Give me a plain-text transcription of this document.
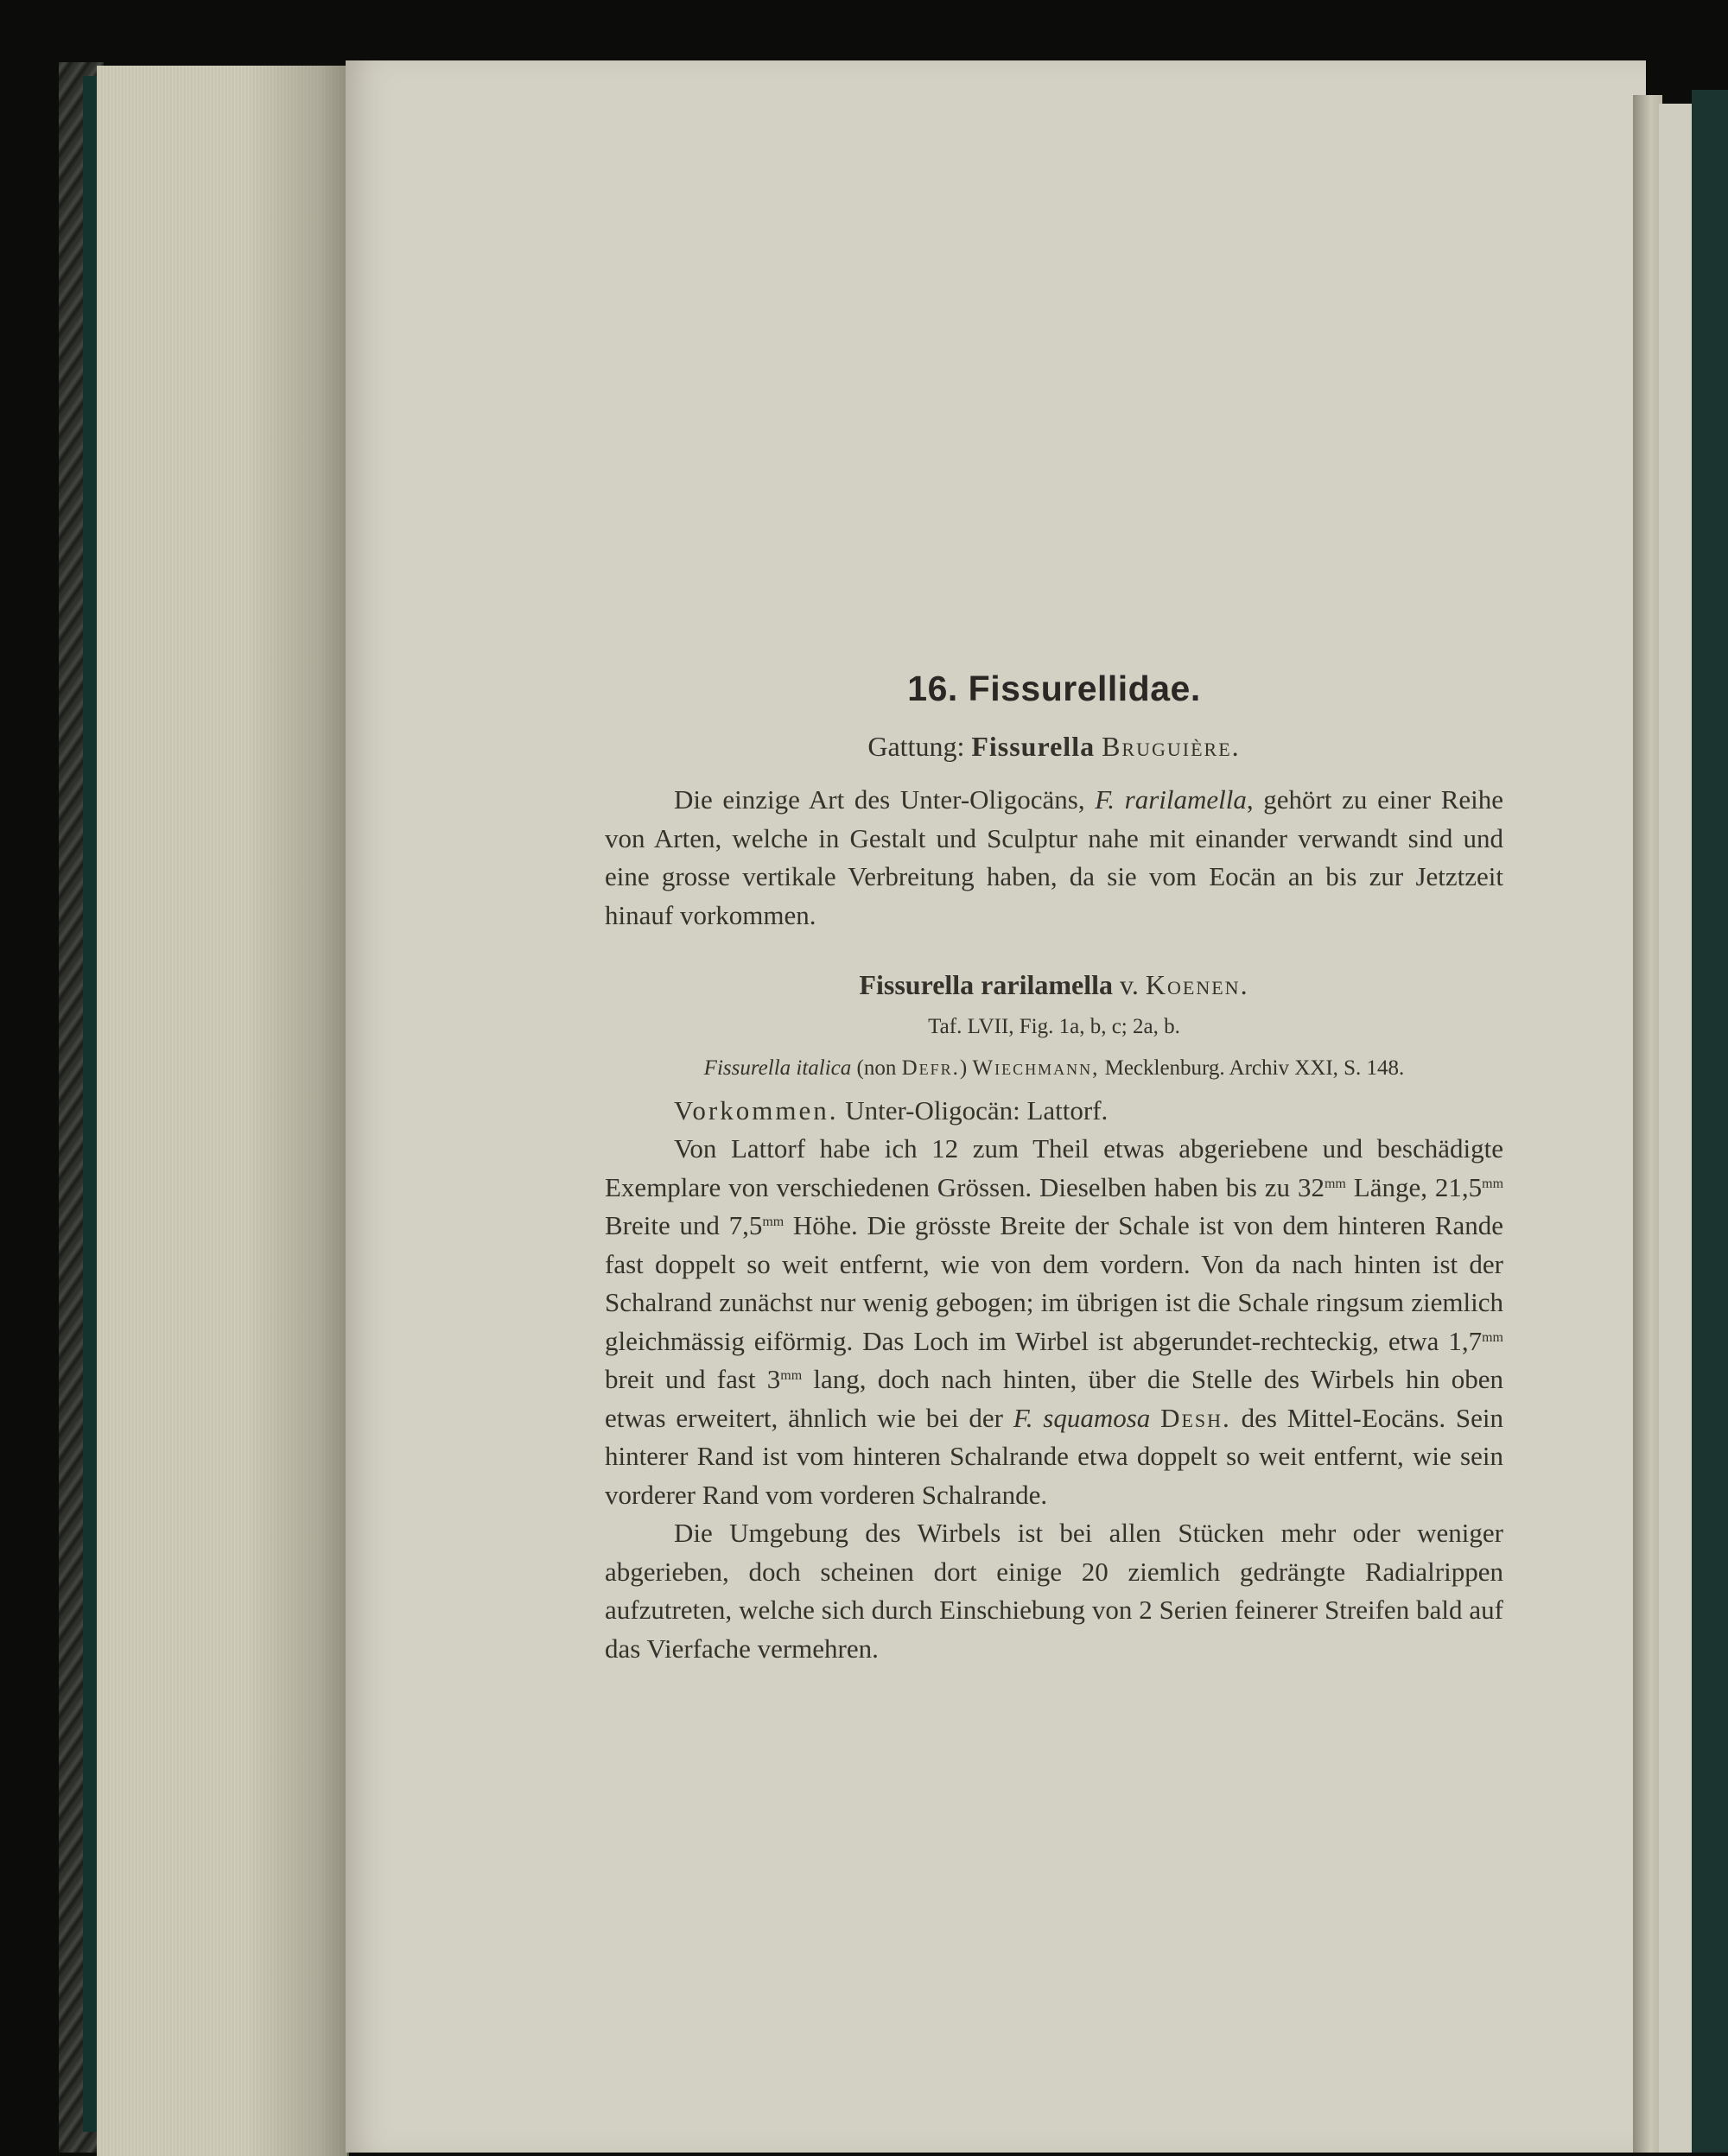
16. Fissurellidae.
Gattung: Fissurella Bruguière.

Die einzige Art des Unter-Oligocäns, F. rarilamella, gehört zu einer Reihe von Arten, welche in Gestalt und Sculptur nahe mit einander verwandt sind und eine grosse vertikale Verbreitung haben, da sie vom Eocän an bis zur Jetztzeit hinauf vorkommen.

Fissurella rarilamella v. Koenen.
Taf. LVII, Fig. 1a, b, c; 2a, b.
Fissurella italica (non Defr.) Wiechmann, Mecklenburg. Archiv XXI, S. 148.

Vorkommen. Unter-Oligocän: Lattorf.

Von Lattorf habe ich 12 zum Theil etwas abgeriebene und beschädigte Exemplare von verschiedenen Grössen. Dieselben haben bis zu $32^{mm}$ Länge, $21,5^{mm}$ Breite und $7,5^{mm}$ Höhe. Die grösste Breite der Schale ist von dem hinteren Rande fast doppelt so weit entfernt, wie von dem vordern. Von da nach hinten ist der Schalrand zunächst nur wenig gebogen; im übrigen ist die Schale ringsum ziemlich gleichmässig eiförmig. Das Loch im Wirbel ist abgerundet-rechteckig, etwa $1,7^{mm}$ breit und fast $3^{mm}$ lang, doch nach hinten, über die Stelle des Wirbels hin oben etwas erweitert, ähnlich wie bei der F. squamosa Desh. des Mittel-Eocäns. Sein hinterer Rand ist vom hinteren Schalrande etwa doppelt so weit entfernt, wie sein vorderer Rand vom vorderen Schalrande.

Die Umgebung des Wirbels ist bei allen Stücken mehr oder weniger abgerieben, doch scheinen dort einige 20 ziemlich gedrängte Radialrippen aufzutreten, welche sich durch Einschiebung von 2 Serien feinerer Streifen bald auf das Vierfache vermehren.
